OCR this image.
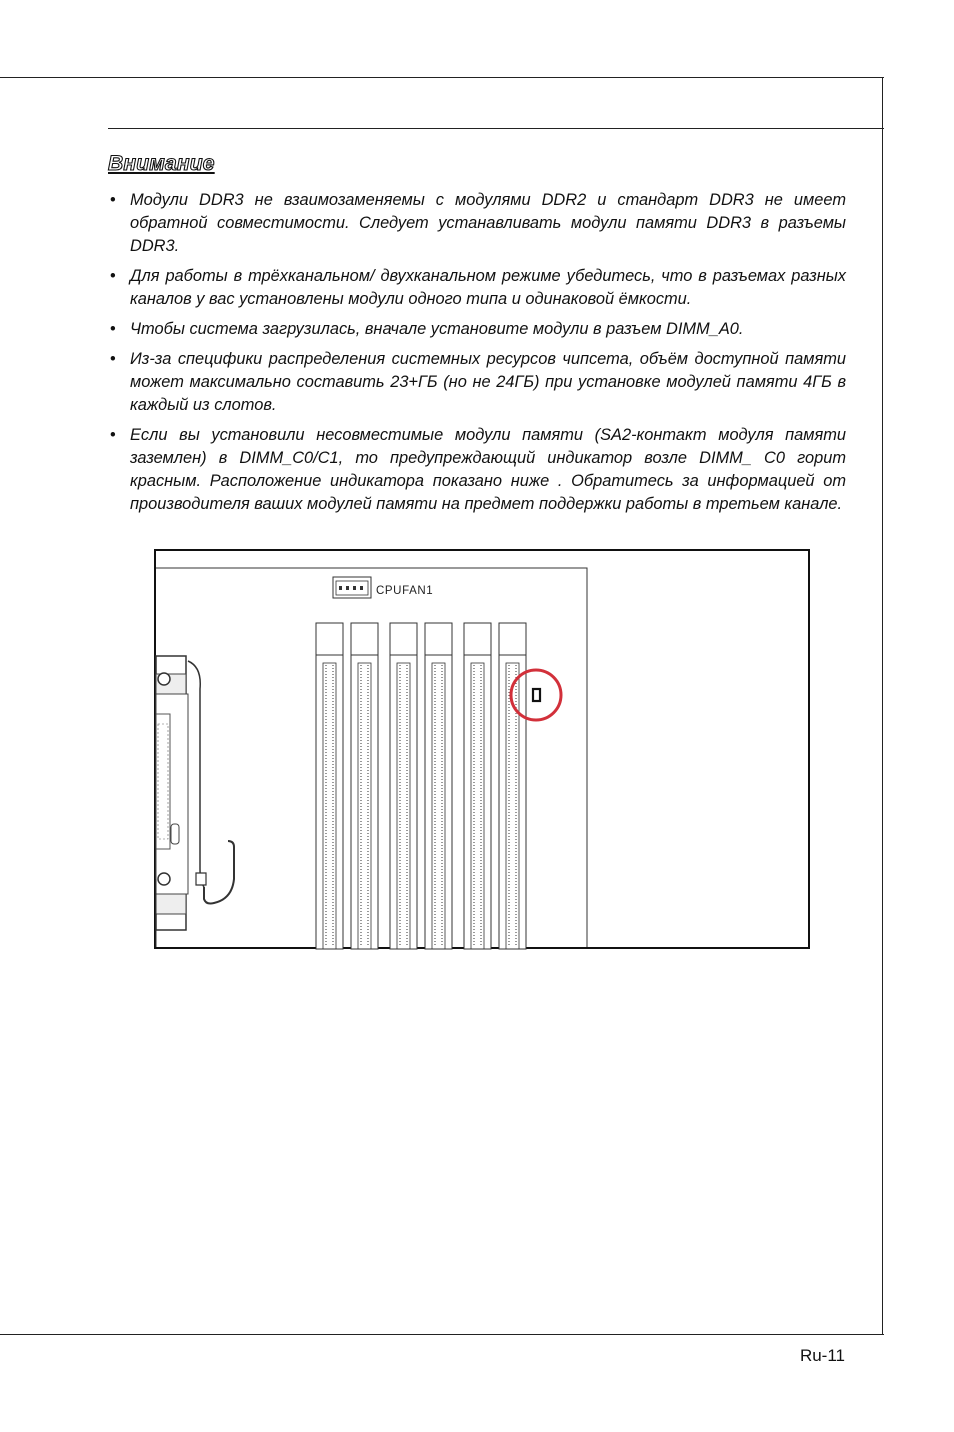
Внимание
• Модули DDR3 не взаимозаменяемы с модулями DDR2 и стандарт DDR3 не имеет обратной совместимости. Следует устанавливать модули памяти DDR3 в разъемы DDR3.
• Для работы в трёхканальном/ двухканальном режиме убедитесь, что в разъемах разных каналов у вас установлены модули одного типа и одинаковой ёмкости.
• Чтобы система загрузилась, вначале установите модули в разъем DIMM_A0.
• Из-за специфики распределения системных ресурсов чипсета, объём доступной памяти может максимально составить 23+ГБ (но не 24ГБ) при установке модулей памяти 4ГБ в каждый из слотов.
• Если вы установили несовместимые модули памяти (SA2-контакт модуля памяти заземлен) в DIMM_C0/C1, то предупреждающий индикатор возле DIMM_ C0 горит красным. Расположение индикатора показано ниже . Обратитесь за информацией от производителя ваших модулей памяти на предмет поддержки работы в третьем канале.
CPUFAN1
Ru-11
